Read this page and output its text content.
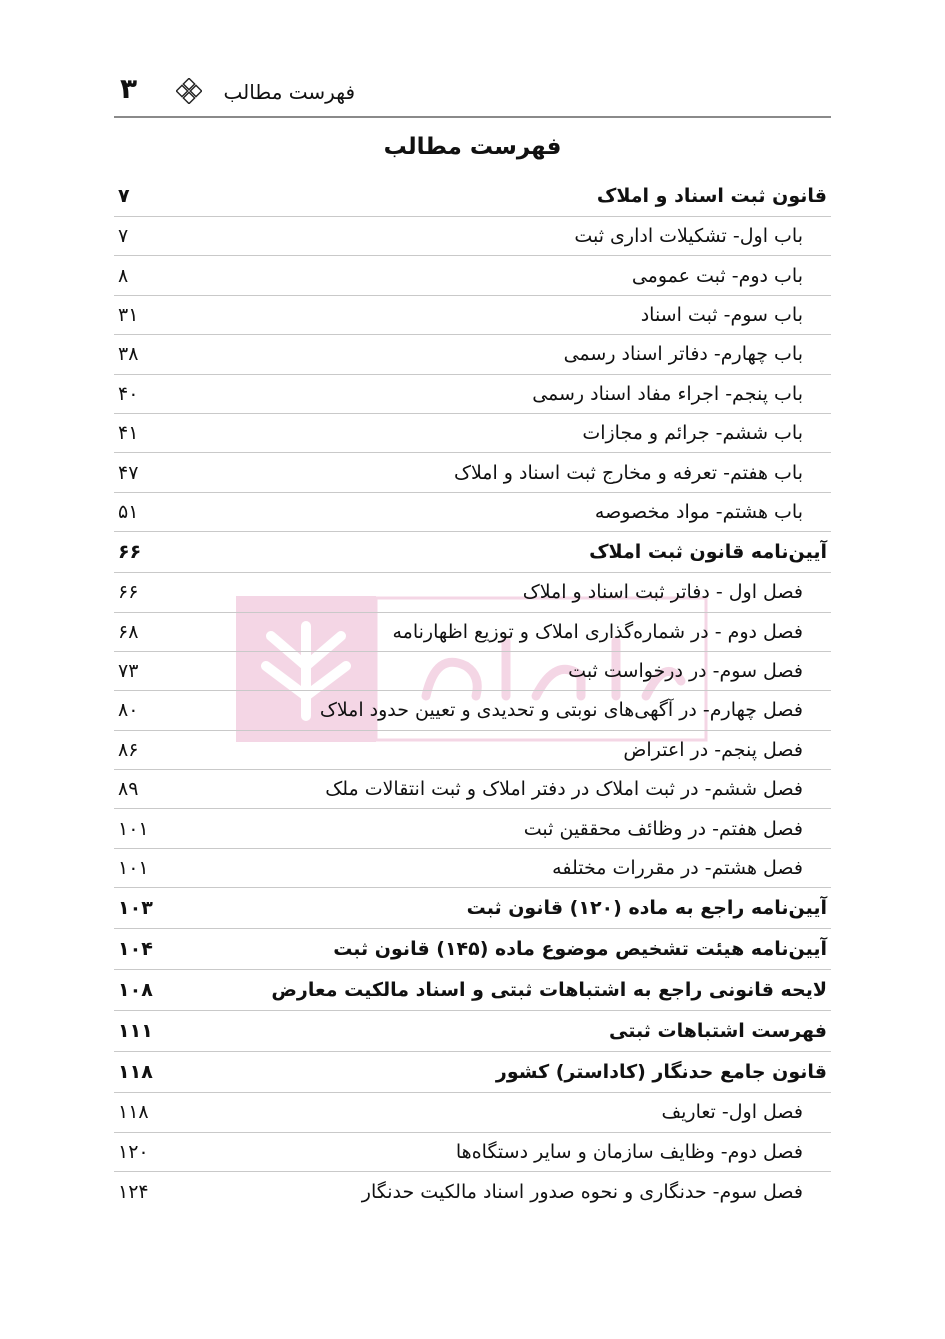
۳	فهرست مطالب
فهرست مطالب
قانون ثبت اسناد و املاک
۷
باب اول- تشکیلات اداری ثبت
۷
باب دوم- ثبت عمومی
۸
باب سوم- ثبت اسناد
۳۱
باب چهارم- دفاتر اسناد رسمی
۳۸
باب پنجم- اجراء مفاد اسناد رسمی
۴۰
باب ششم- جرائم و مجازات
۴۱
باب هفتم- تعرفه و مخارج ثبت اسناد و املاک
۴۷
باب هشتم- مواد مخصوصه
۵۱
آیین‌نامه قانون ثبت املاک
۶۶
فصل اول - دفاتر ثبت اسناد و املاک
۶۶
فصل دوم - در شماره‌گذاری املاک و توزیع اظهارنامه
۶۸
فصل سوم- در درخواست ثبت
۷۳
فصل چهارم- در آگهی‌های نوبتی و تحدیدی و تعیین حدود املاک
۸۰
فصل پنجم- در اعتراض
۸۶
فصل ششم- در ثبت املاک در دفتر املاک و ثبت انتقالات ملک
۸۹
فصل هفتم- در وظائف محققین ثبت
۱۰۱
فصل هشتم- در مقررات مختلفه
۱۰۱
آیین‌نامه راجع به ماده (۱۲۰) قانون ثبت
۱۰۳
آیین‌نامه هیئت تشخیص موضوع ماده (۱۴۵) قانون ثبت
۱۰۴
لایحه قانونی راجع به اشتباهات ثبتی و اسناد مالکیت معارض
۱۰۸
فهرست اشتباهات ثبتی
۱۱۱
قانون جامع حدنگار (کاداستر) کشور
۱۱۸
فصل اول- تعاریف
۱۱۸
فصل دوم- وظایف سازمان و سایر دستگاه‌ها
۱۲۰
فصل سوم- حدنگاری و نحوه صدور اسناد مالکیت حدنگار
۱۲۴
